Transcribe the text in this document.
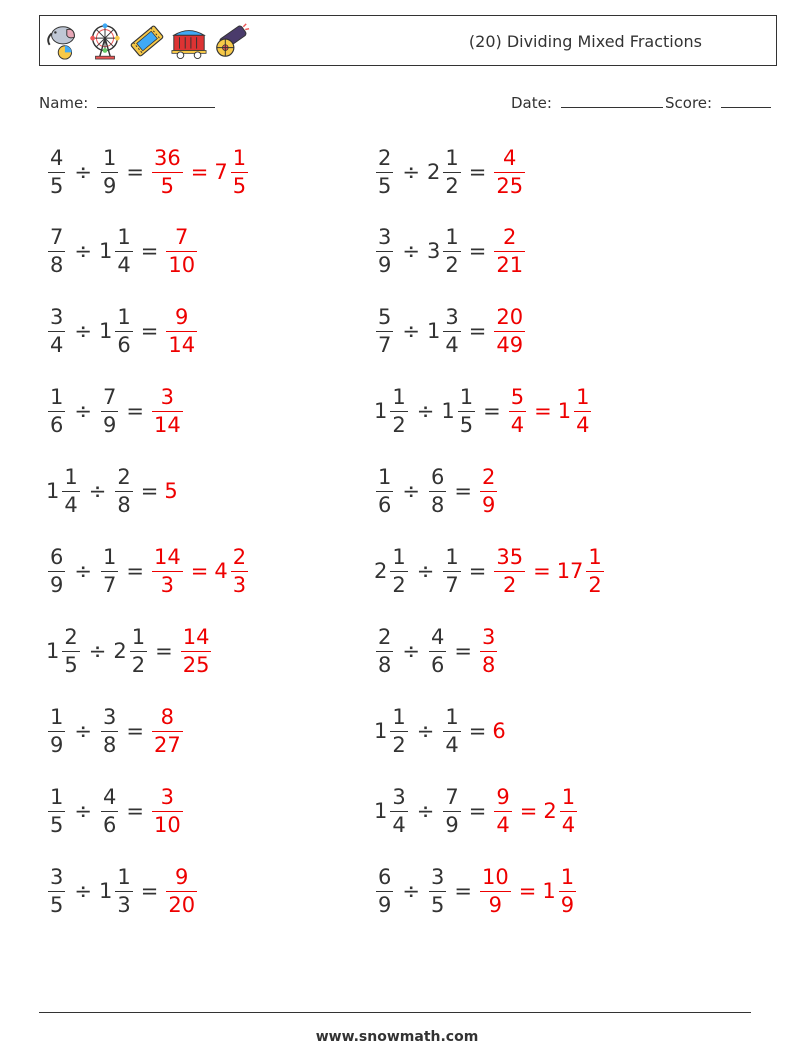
(20) Dividing Mixed Fractions
Name:	Date:	Score:
$\frac{4}{5} \div \frac{1}{9} = \frac{36}{5} = 7 \frac{1}{5}$
$\frac{7}{8} \div 1 \frac{1}{4} = \frac{7}{10}$
$\frac{3}{4} \div 1 \frac{1}{6} = \frac{9}{14}$
$\frac{1}{6} \div \frac{7}{9} = \frac{3}{14}$
$1 \frac{1}{4} \div \frac{2}{8} = 5$
$\frac{6}{9} \div \frac{1}{7} = \frac{14}{3} = 4 \frac{2}{3}$
$1 \frac{2}{5} \div 2 \frac{1}{2} = \frac{14}{25}$
$\frac{1}{9} \div \frac{3}{8} = \frac{8}{27}$
$\frac{1}{5} \div \frac{4}{6} = \frac{3}{10}$
$\frac{3}{5} \div 1 \frac{1}{3} = \frac{9}{20}$
$\frac{2}{5} \div 2 \frac{1}{2} = \frac{4}{25}$
$\frac{3}{9} \div 3 \frac{1}{2} = \frac{2}{21}$
$\frac{5}{7} \div 1 \frac{3}{4} = \frac{20}{49}$
$1 \frac{1}{2} \div 1 \frac{1}{5} = \frac{5}{4} = 1 \frac{1}{4}$
$\frac{1}{6} \div \frac{6}{8} = \frac{2}{9}$
$2 \frac{1}{2} \div \frac{1}{7} = \frac{35}{2} = 17 \frac{1}{2}$
$\frac{2}{8} \div \frac{4}{6} = \frac{3}{8}$
$1 \frac{1}{2} \div \frac{1}{4} = 6$
$1 \frac{3}{4} \div \frac{7}{9} = \frac{9}{4} = 2 \frac{1}{4}$
$\frac{6}{9} \div \frac{3}{5} = \frac{10}{9} = 1 \frac{1}{9}$
www.snowmath.com
